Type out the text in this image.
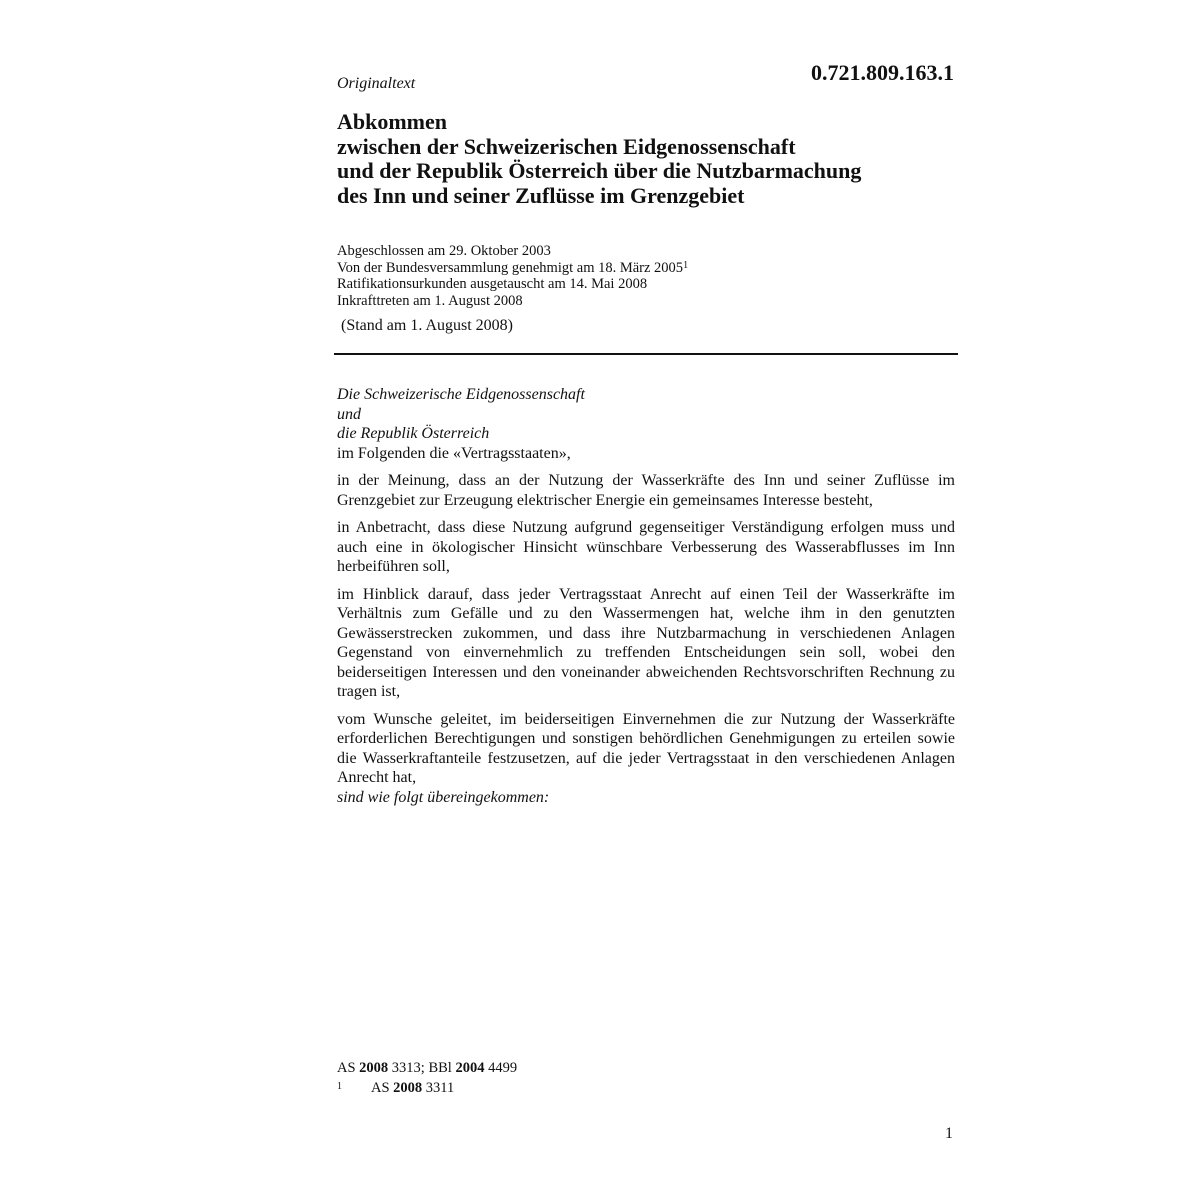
Originaltext	0.721.809.163.1
Abkommen
zwischen der Schweizerischen Eidgenossenschaft
und der Republik Österreich über die Nutzbarmachung
des Inn und seiner Zuflüsse im Grenzgebiet
Abgeschlossen am 29. Oktober 2003
Von der Bundesversammlung genehmigt am 18. März 2005$^1$
Ratifikationsurkunden ausgetauscht am 14. Mai 2008
Inkrafttreten am 1. August 2008
(Stand am 1. August 2008)

Die Schweizerische Eidgenossenschaft
und
die Republik Österreich
im Folgenden die «Vertragsstaaten»,

in der Meinung, dass an der Nutzung der Wasserkräfte des Inn und seiner Zuflüsse im Grenzgebiet zur Erzeugung elektrischer Energie ein gemeinsames Interesse besteht,

in Anbetracht, dass diese Nutzung aufgrund gegenseitiger Verständigung erfolgen muss und auch eine in ökologischer Hinsicht wünschbare Verbesserung des Wasserabflusses im Inn herbeiführen soll,

im Hinblick darauf, dass jeder Vertragsstaat Anrecht auf einen Teil der Wasserkräfte im Verhältnis zum Gefälle und zu den Wassermengen hat, welche ihm in den genutzten Gewässerstrecken zukommen, und dass ihre Nutzbarmachung in verschiedenen Anlagen Gegenstand von einvernehmlich zu treffenden Entscheidungen sein soll, wobei den beiderseitigen Interessen und den voneinander abweichenden Rechtsvorschriften Rechnung zu tragen ist,

vom Wunsche geleitet, im beiderseitigen Einvernehmen die zur Nutzung der Wasserkräfte erforderlichen Berechtigungen und sonstigen behördlichen Genehmigungen zu erteilen sowie die Wasserkraftanteile festzusetzen, auf die jeder Vertragsstaat in den verschiedenen Anlagen Anrecht hat,

sind wie folgt übereingekommen:

AS 2008 3313; BBl 2004 4499
1 AS 2008 3311
1
